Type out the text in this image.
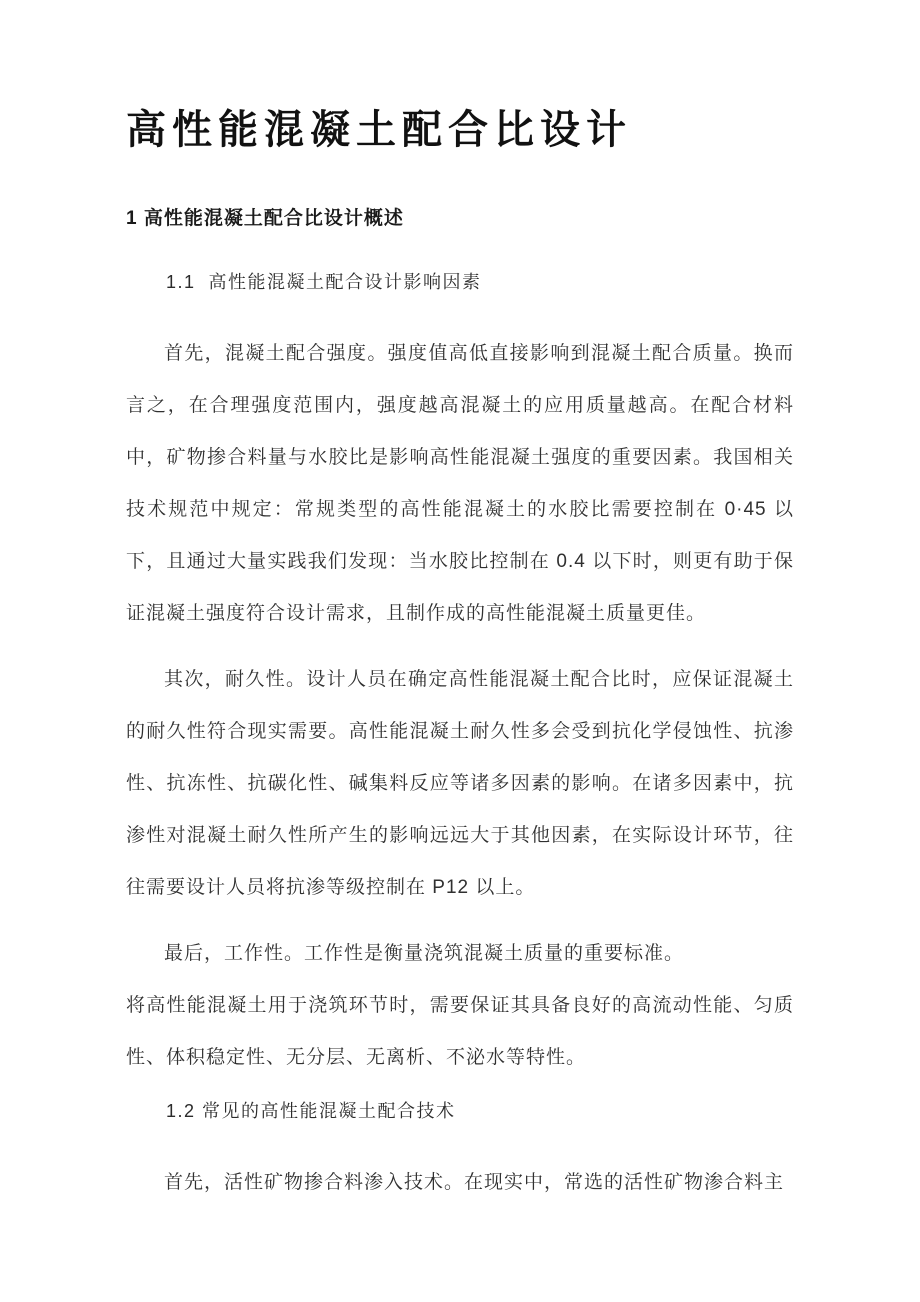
高性能混凝土配合比设计
1 高性能混凝土配合比设计概述
1.1  高性能混凝土配合设计影响因素

首先，混凝土配合强度。强度值高低直接影响到混凝土配合质量。换而言之，在合理强度范围内，强度越高混凝土的应用质量越高。在配合材料中，矿物掺合料量与水胶比是影响高性能混凝土强度的重要因素。我国相关技术规范中规定：常规类型的高性能混凝土的水胶比需要控制在 0·45 以下，且通过大量实践我们发现：当水胶比控制在 0.4 以下时，则更有助于保证混凝土强度符合设计需求，且制作成的高性能混凝土质量更佳。

其次，耐久性。设计人员在确定高性能混凝土配合比时，应保证混凝土的耐久性符合现实需要。高性能混凝土耐久性多会受到抗化学侵蚀性、抗渗性、抗冻性、抗碳化性、碱集料反应等诸多因素的影响。在诸多因素中，抗渗性对混凝土耐久性所产生的影响远远大于其他因素，在实际设计环节，往往需要设计人员将抗渗等级控制在 P12 以上。

最后，工作性。工作性是衡量浇筑混凝土质量的重要标准。

将高性能混凝土用于浇筑环节时，需要保证其具备良好的高流动性能、匀质性、体积稳定性、无分层、无离析、不泌水等特性。

1.2 常见的高性能混凝土配合技术

首先，活性矿物掺合料渗入技术。在现实中，常选的活性矿物渗合料主
